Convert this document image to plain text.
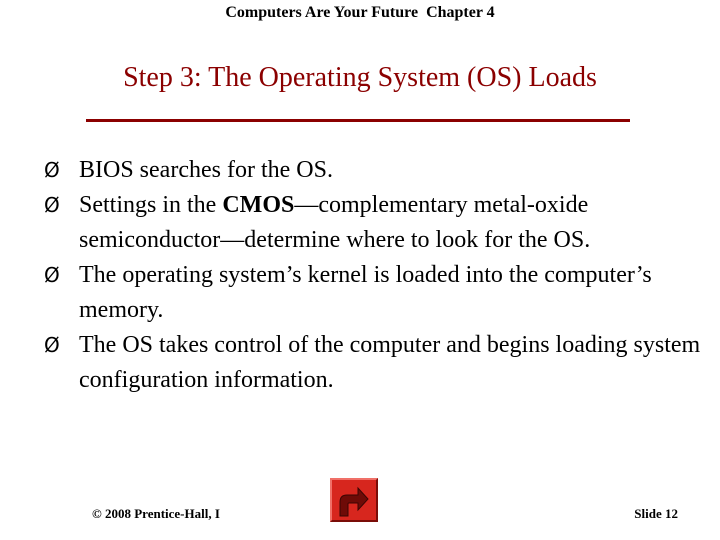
Computers Are Your Future  Chapter 4
Step 3: The Operating System (OS) Loads
Ø BIOS searches for the OS.
Ø Settings in the CMOS—complementary metal-oxide semiconductor—determine where to look for the OS.
Ø The operating system’s kernel is loaded into the computer’s memory.
Ø The OS takes control of the computer and begins loading system configuration information.
© 2008 Prentice-Hall, I	Slide 12
